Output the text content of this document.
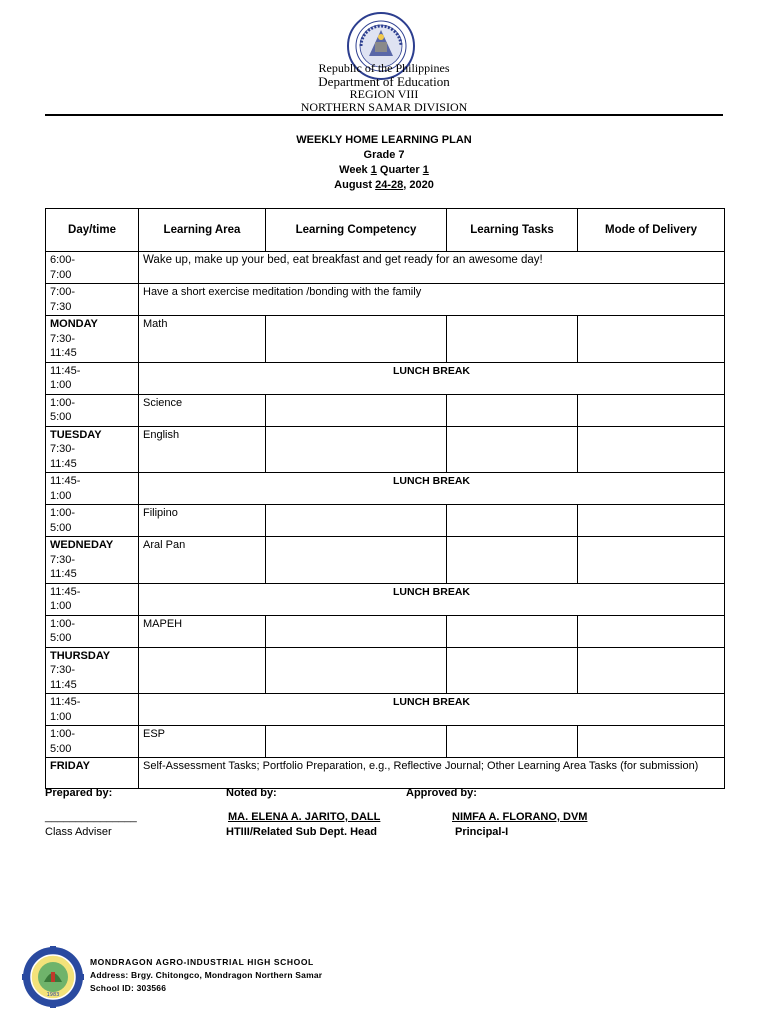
Republic of the Philippines
Department of Education
REGION VIII
NORTHERN SAMAR DIVISION
WEEKLY HOME LEARNING PLAN
Grade 7
Week 1 Quarter 1
August 24-28, 2020
Day/time	Learning Area	Learning Competency	Learning Tasks	Mode of Delivery
6:00-
7:00	Wake up, make up your bed, eat breakfast and get ready for an awesome day!			
7:00-
7:30	Have a short exercise meditation /bonding with the family			
MONDAY
7:30-
11:45	Math			
11:45-
1:00	LUNCH BREAK			
1:00-
5:00	Science			
TUESDAY
7:30-
11:45	English			
11:45-
1:00	LUNCH BREAK			
1:00-
5:00	Filipino			
WEDNEDAY
7:30-
11:45	Aral Pan			
11:45-
1:00	LUNCH BREAK			
1:00-
5:00	MAPEH			
THURSDAY
7:30-
11:45				
11:45-
1:00	LUNCH BREAK			
1:00-
5:00	ESP			
FRIDAY	Self-Assessment Tasks; Portfolio Preparation, e.g., Reflective Journal; Other Learning Area Tasks (for submission)			
Prepared by:	Noted by:	Approved by:
_______________	MA. ELENA A. JARITO, DALL	NIMFA A. FLORANO, DVM
Class Adviser	HTIII/Related Sub Dept. Head	Principal-I
1983
MONDRAGON AGRO-INDUSTRIAL HIGH SCHOOL
Address: Brgy. Chitongco, Mondragon Northern Samar
School ID: 303566
